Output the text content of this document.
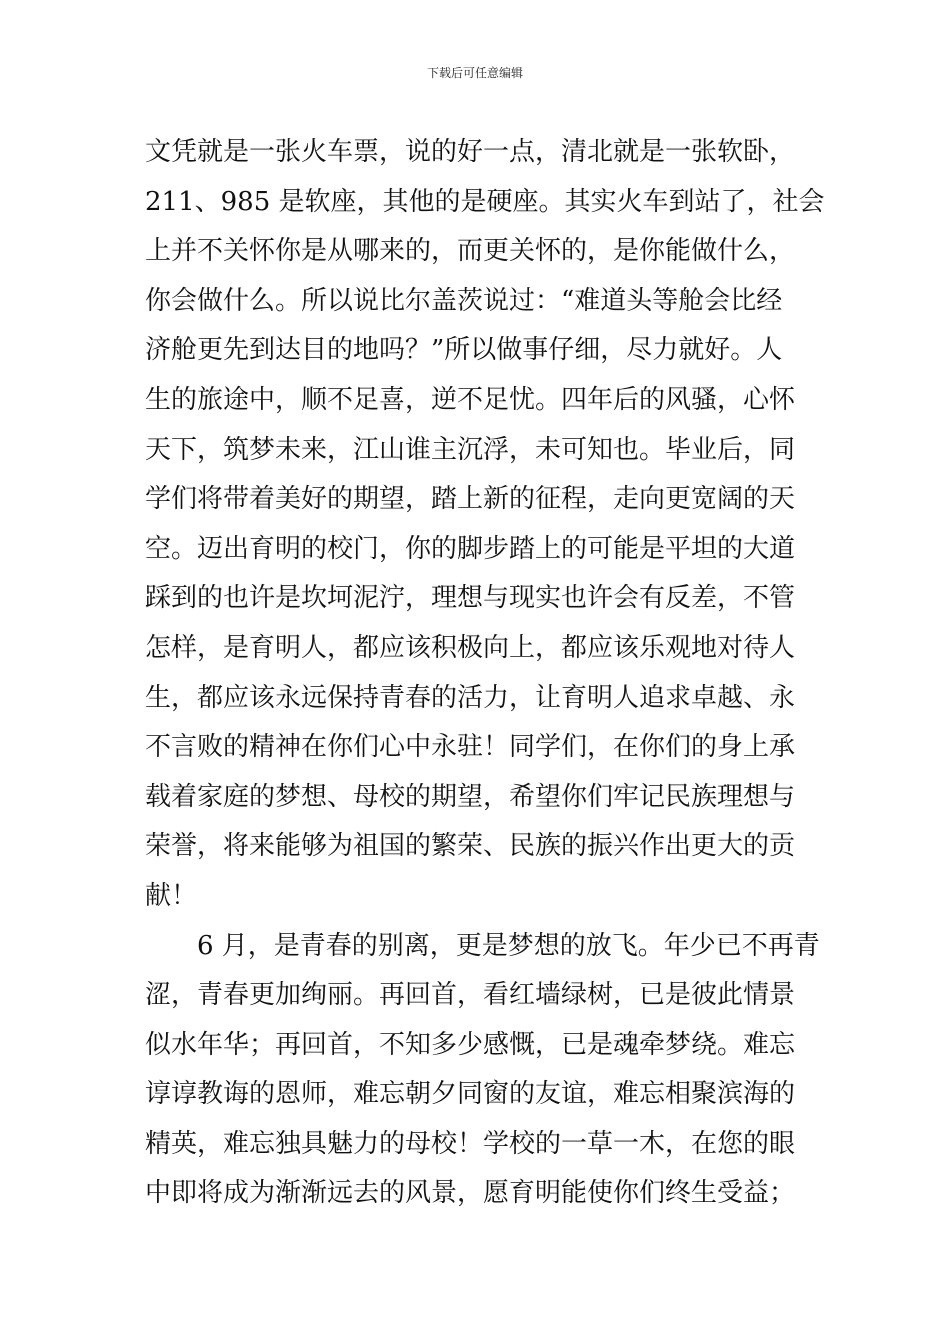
下载后可任意编辑
文凭就是一张火车票，说的好一点，清北就是一张软卧，
211、985 是软座，其他的是硬座。其实火车到站了，社会
上并不关怀你是从哪来的，而更关怀的，是你能做什么，
你会做什么。所以说比尔盖茨说过：“难道头等舱会比经
济舱更先到达目的地吗？”所以做事仔细，尽力就好。人
生的旅途中，顺不足喜，逆不足忧。四年后的风骚，心怀
天下，筑梦未来，江山谁主沉浮，未可知也。毕业后，同
学们将带着美好的期望，踏上新的征程，走向更宽阔的天
空。迈出育明的校门，你的脚步踏上的可能是平坦的大道
踩到的也许是坎坷泥泞，理想与现实也许会有反差，不管
怎样，是育明人，都应该积极向上，都应该乐观地对待人
生，都应该永远保持青春的活力，让育明人追求卓越、永
不言败的精神在你们心中永驻！同学们，在你们的身上承
载着家庭的梦想、母校的期望，希望你们牢记民族理想与
荣誉，将来能够为祖国的繁荣、民族的振兴作出更大的贡
献！
6 月，是青春的别离，更是梦想的放飞。年少已不再青
涩，青春更加绚丽。再回首，看红墙绿树，已是彼此情景
似水年华；再回首，不知多少感慨，已是魂牵梦绕。难忘
谆谆教诲的恩师，难忘朝夕同窗的友谊，难忘相聚滨海的
精英，难忘独具魅力的母校！学校的一草一木，在您的眼
中即将成为渐渐远去的风景，愿育明能使你们终生受益；
